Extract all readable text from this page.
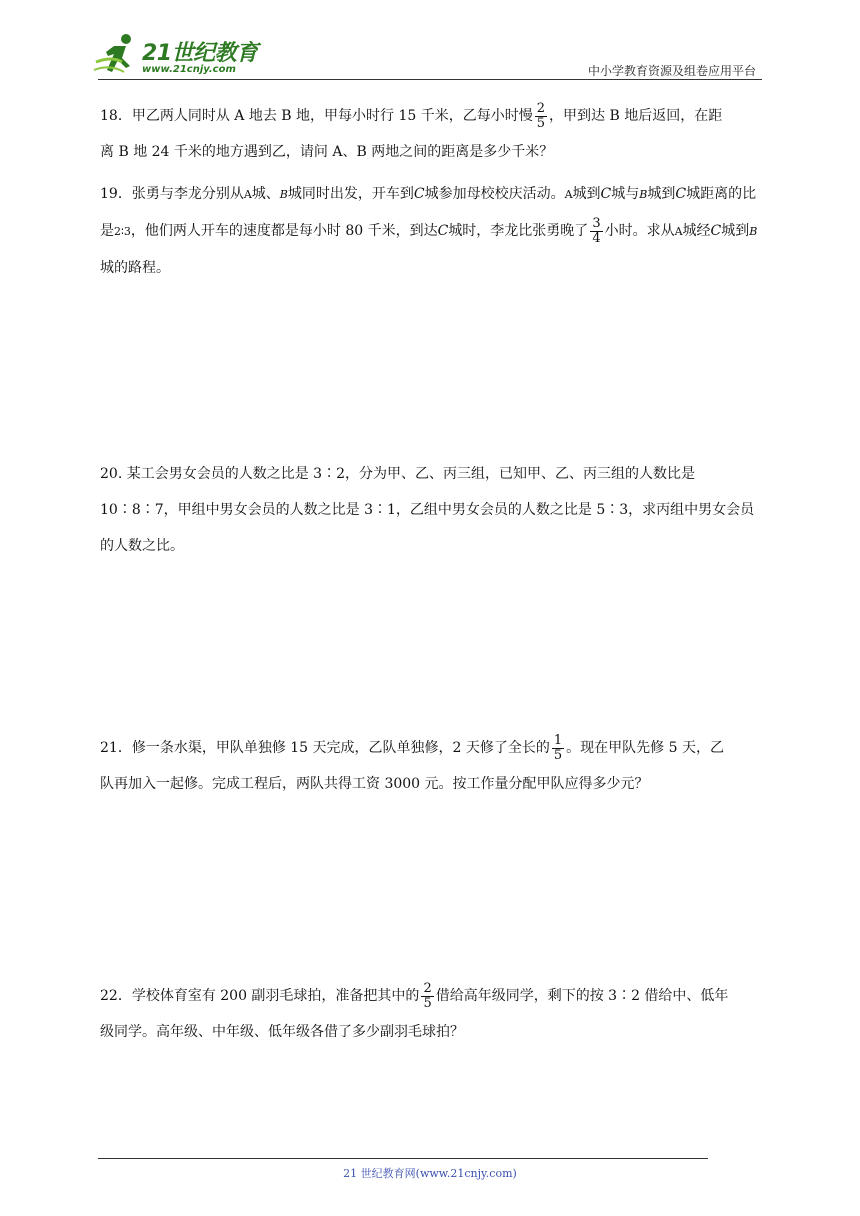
21世纪教育
www.21cnjy.com	中小学教育资源及组卷应用平台

18．甲乙两人同时从 A 地去 B 地，甲每小时行 15 千米，乙每小时慢 $\frac{2}{5}$ ，甲到达 B 地后返回，在距

离 B 地 24 千米的地方遇到乙，请问 A、B 两地之间的距离是多少千米？

19．张勇与李龙分别从A城、B城同时出发，开车到C城参加母校校庆活动。A城到C城与B城到C城距离的比是2∶3，他们两人开车的速度都是每小时 80 千米，到达C城时，李龙比张勇晚了 $\frac{3}{4}$ 小时。求从A城经C城到B城的路程。

20. 某工会男女会员的人数之比是 3∶2，分为甲、乙、丙三组，已知甲、乙、丙三组的人数比是 10∶8∶7，甲组中男女会员的人数之比是 3∶1，乙组中男女会员的人数之比是 5∶3，求丙组中男女会员的人数之比。

21．修一条水渠，甲队单独修 15 天完成，乙队单独修，2 天修了全长的 $\frac{1}{5}$ 。现在甲队先修 5 天，乙

队再加入一起修。完成工程后，两队共得工资 3000 元。按工作量分配甲队应得多少元？

22．学校体育室有 200 副羽毛球拍，准备把其中的 $\frac{2}{5}$ 借给高年级同学，剩下的按 3∶2 借给中、低年

级同学。高年级、中年级、低年级各借了多少副羽毛球拍？

21 世纪教育网(www.21cnjy.com)
